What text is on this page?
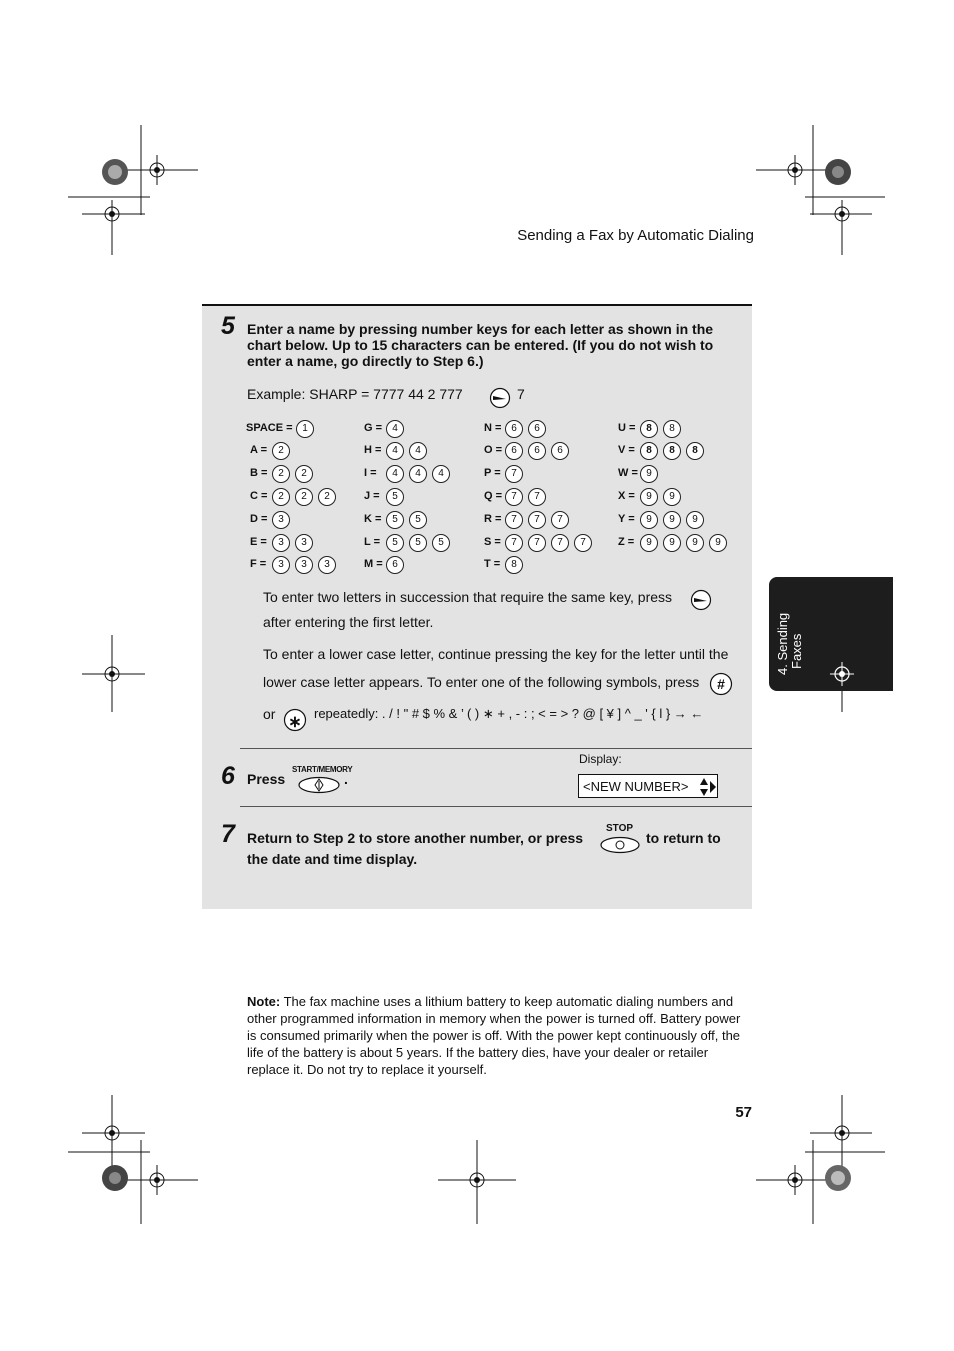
Sending a Fax by Automatic Dialing
5 Enter a name by pressing number keys for each letter as shown in the chart below. Up to 15 characters can be entered. (If you do not wish to enter a name, go directly to Step 6.)
Example: SHARP = 7777 44 2 777	7
SPACE = 1
A =	2
B =	2	2
C =	2	2	2
D =	3
E =	3	3
F =	3	3	3
G =	4
H =	4	4
I =	4	4	4
J =	5
K =	5	5
L =	5	5	5
M = 6
N = 6	6
O = 6	6	6
P =	7
Q = 7	7
R = 7	7	7
S =	7	7	7	7
T =	8
U =	8	8
V =	8	8	8
W = 9
X =	9	9
Y =	9	9	9
Z =	9	9	9	9
To enter two letters in succession that require the same key, press
after entering the first letter.
To enter a lower case letter, continue pressing the key for the letter until the
lower case letter appears. To enter one of the following symbols, press	#
or ∗
repeatedly: . / ! " # $ % & ’ ( ) ∗ + , - : ; < = > ? @ [ ¥ ] ^ _ ' { l } → ←
6 Press
START/MEMORY
.
Display:
<NEW NUMBER>
7 Return to Step 2 to store another number, or press
STOP
to return to
the date and time display.
Note: The fax machine uses a lithium battery to keep automatic dialing numbers and other programmed information in memory when the power is turned off. Battery power is consumed primarily when the power is off. With the power kept continuously off, the life of the battery is about 5 years. If the battery dies, have your dealer or retailer replace it. Do not try to replace it yourself.
57
4. Sending Faxes
